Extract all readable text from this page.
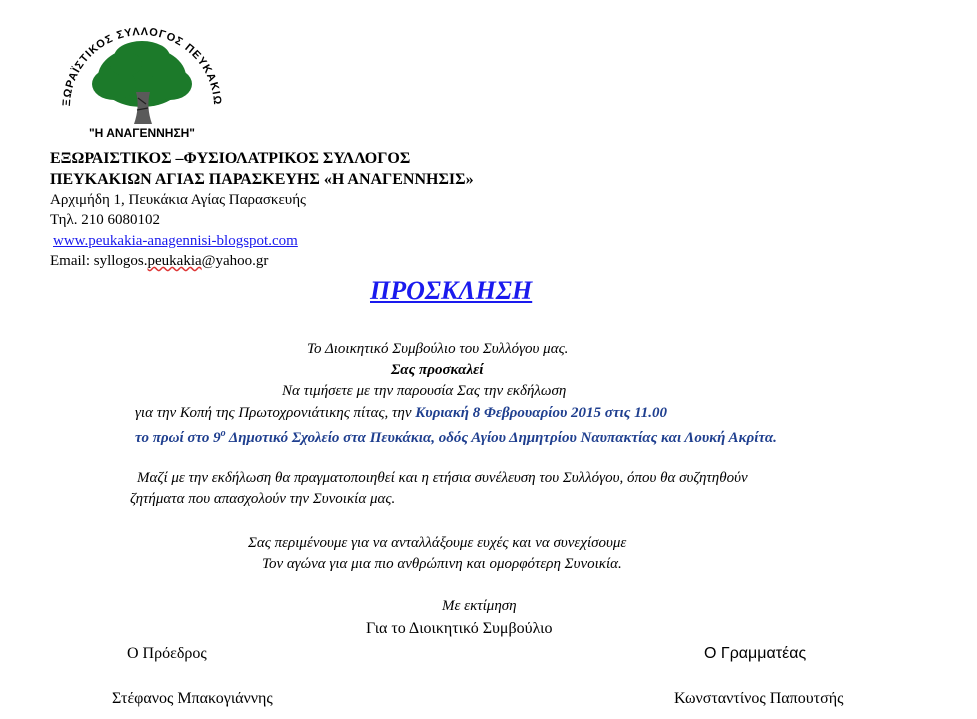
ΞΩΡΑΪΣΤΙΚΟΣ ΣΥΛΛΟΓΟΣ ΠΕΥΚΑΚΙΩ
"Η ΑΝΑΓΕΝΝΗΣΗ"
ΕΞΩΡΑΙΣΤΙΚΟΣ –ΦΥΣΙΟΛΑΤΡΙΚΟΣ ΣΥΛΛΟΓΟΣ
ΠΕΥΚΑΚΙΩΝ ΑΓΙΑΣ ΠΑΡΑΣΚΕΥΗΣ «Η ΑΝΑΓΕΝΝΗΣΙΣ»
Αρχιμήδη 1, Πευκάκια Αγίας Παρασκευής
Τηλ. 210 6080102
www.peukakia-anagennisi-blogspot.com
Email: syllogos.peukakia@yahoo.gr
ΠΡΟΣΚΛΗΣΗ
Το Διοικητικό Συμβούλιο του Συλλόγου μας.
Σας προσκαλεί
Να τιμήσετε με την παρουσία Σας την εκδήλωση
για την Κοπή της Πρωτοχρονιάτικης πίτας, την Κυριακή 8 Φεβρουαρίου 2015 στις 11.00
το πρωί στο $9^o$ Δημοτικό Σχολείο στα Πευκάκια, οδός Αγίου Δημητρίου Ναυπακτίας και Λουκή Ακρίτα.
Μαζί με την εκδήλωση θα πραγματοποιηθεί και η ετήσια συνέλευση του Συλλόγου, όπου θα συζητηθούν
ζητήματα που απασχολούν την Συνοικία μας.
Σας περιμένουμε για να ανταλλάξουμε ευχές και να συνεχίσουμε
Τον αγώνα για μια πιο ανθρώπινη και ομορφότερη Συνοικία.
Με εκτίμηση
Για το Διοικητικό Συμβούλιο
Ο Πρόεδρος	Ο Γραμματέας
Στέφανος Μπακογιάννης	Κωνσταντίνος Παπουτσής
